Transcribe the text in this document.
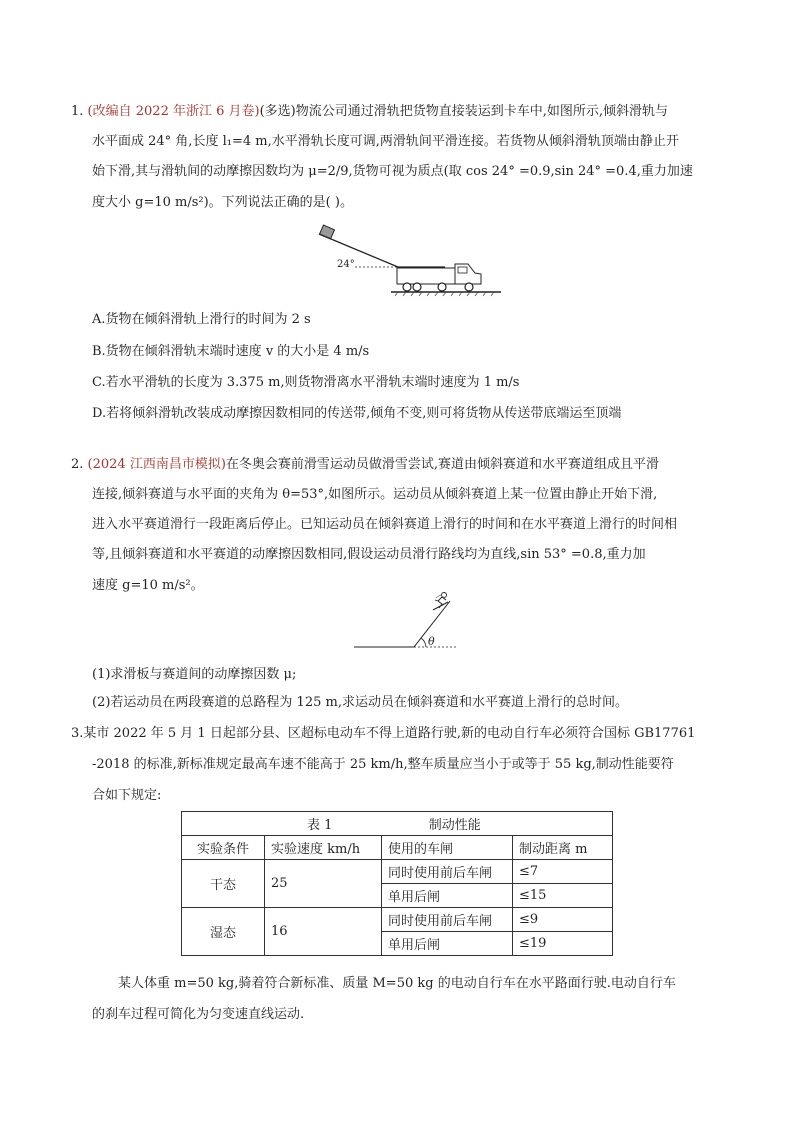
1. (改编自 2022 年浙江 6 月卷)(多选)物流公司通过滑轨把货物直接装运到卡车中,如图所示,倾斜滑轨与
水平面成 24° 角,长度 l₁=4 m,水平滑轨长度可调,两滑轨间平滑连接。若货物从倾斜滑轨顶端由静止开
始下滑,其与滑轨间的动摩擦因数均为 μ=2/9,货物可视为质点(取 cos 24° =0.9,sin 24° =0.4,重力加速
度大小 g=10 m/s²)。下列说法正确的是( )。
24°
A.货物在倾斜滑轨上滑行的时间为 2 s
B.货物在倾斜滑轨末端时速度 v 的大小是 4 m/s
C.若水平滑轨的长度为 3.375 m,则货物滑离水平滑轨末端时速度为 1 m/s
D.若将倾斜滑轨改装成动摩擦因数相同的传送带,倾角不变,则可将货物从传送带底端运至顶端
2. (2024 江西南昌市模拟)在冬奥会赛前滑雪运动员做滑雪尝试,赛道由倾斜赛道和水平赛道组成且平滑
连接,倾斜赛道与水平面的夹角为 θ=53°,如图所示。运动员从倾斜赛道上某一位置由静止开始下滑,
进入水平赛道滑行一段距离后停止。已知运动员在倾斜赛道上滑行的时间和在水平赛道上滑行的时间相
等,且倾斜赛道和水平赛道的动摩擦因数相同,假设运动员滑行路线均为直线,sin 53° =0.8,重力加
速度 g=10 m/s²。
θ
(1)求滑板与赛道间的动摩擦因数 μ;
(2)若运动员在两段赛道的总路程为 125 m,求运动员在倾斜赛道和水平赛道上滑行的总时间。
3.某市 2022 年 5 月 1 日起部分县、区超标电动车不得上道路行驶,新的电动自行车必须符合国标 GB17761
-2018 的标准,新标准规定最高车速不能高于 25 km/h,整车质量应当小于或等于 55 kg,制动性能要符
合如下规定:
表 1 制动性能			
实验条件	实验速度 km/h	使用的车闸	制动距离 m
干态	25	同时使用前后车闸	≤7
		单用后闸	≤15
湿态	16	同时使用前后车闸	≤9
		单用后闸	≤19
某人体重 m=50 kg,骑着符合新标准、质量 M=50 kg 的电动自行车在水平路面行驶.电动自行车
的刹车过程可简化为匀变速直线运动.
